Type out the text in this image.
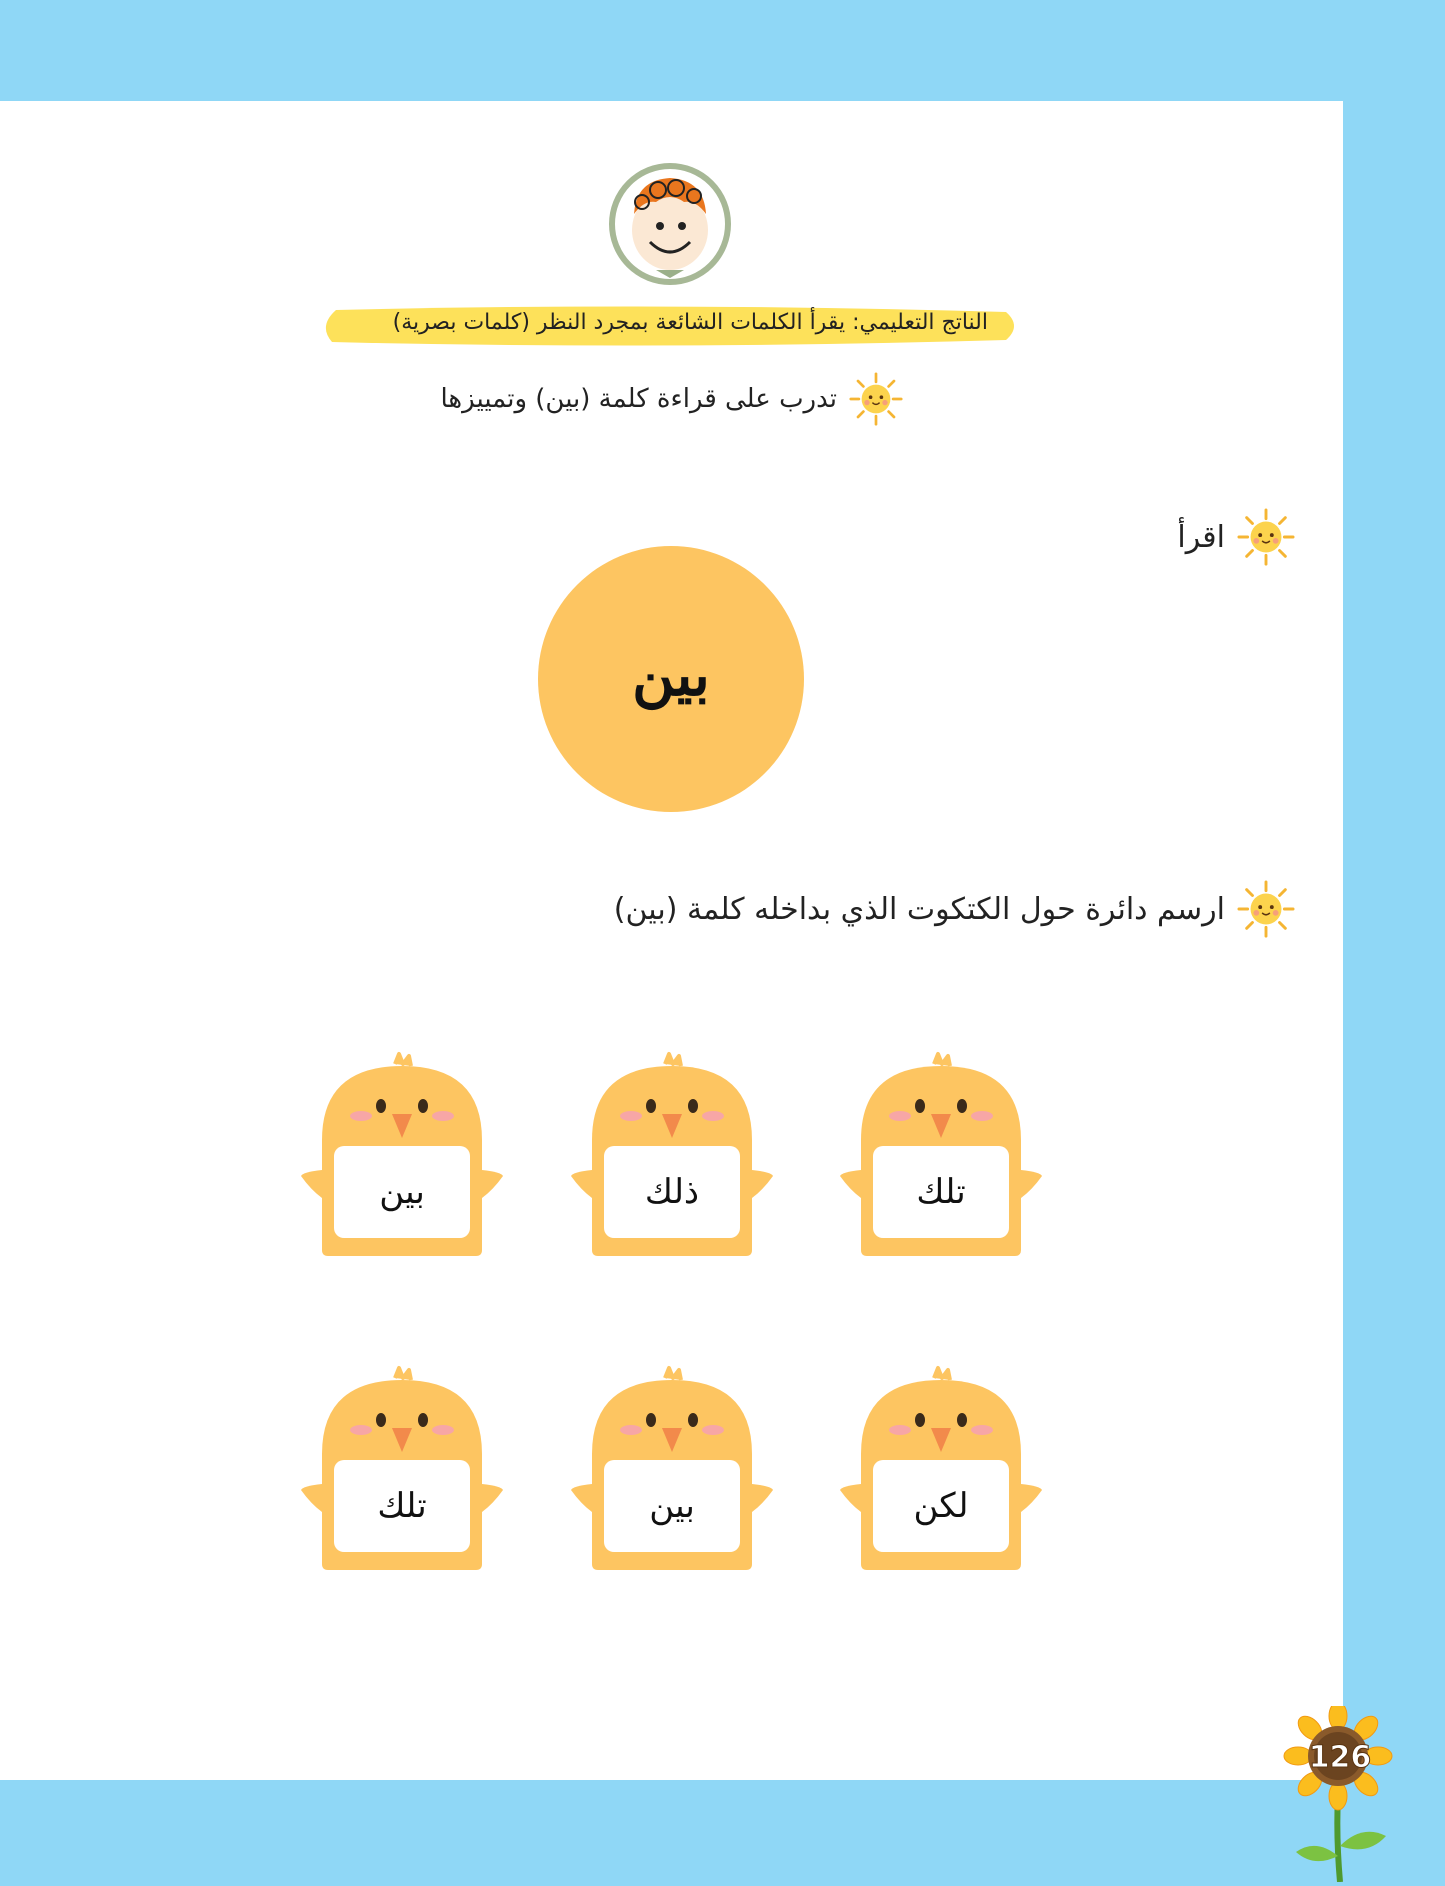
الناتج التعليمي: يقرأ الكلمات الشائعة بمجرد النظر (كلمات بصرية)
تدرب على قراءة كلمة (بين) وتمييزها
اقرأ
بين
ارسم دائرة حول الكتكوت الذي بداخله كلمة (بين)
تلك
ذلك
بين
لكن
بين
تلك
126
